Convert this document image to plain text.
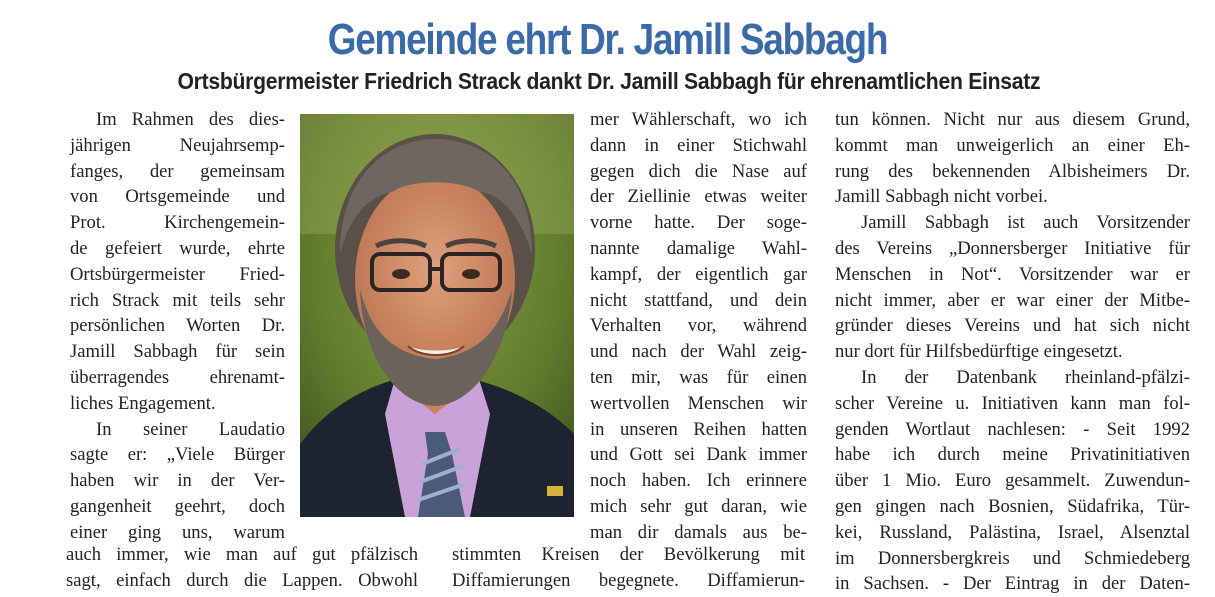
Gemeinde ehrt Dr. Jamill Sabbagh
Ortsbürgermeister Friedrich Strack dankt Dr. Jamill Sabbagh für ehrenamtlichen Einsatz
Im Rahmen des dies-
jährigen Neujahrsemp-
fanges, der gemeinsam
von Ortsgemeinde und
Prot. Kirchengemein-
de gefeiert wurde, ehrte
Ortsbürgermeister Fried-
rich Strack mit teils sehr
persönlichen Worten Dr.
Jamill Sabbagh für sein
überragendes ehrenamt-
liches Engagement.
In seiner Laudatio
sagte er: „Viele Bürger
haben wir in der Ver-
gangenheit geehrt, doch
einer ging uns, warum
mer Wählerschaft, wo ich
dann in einer Stichwahl
gegen dich die Nase auf
der Ziellinie etwas weiter
vorne hatte. Der soge-
nannte damalige Wahl-
kampf, der eigentlich gar
nicht stattfand, und dein
Verhalten vor, während
und nach der Wahl zeig-
ten mir, was für einen
wertvollen Menschen wir
in unseren Reihen hatten
und Gott sei Dank immer
noch haben. Ich erinnere
mich sehr gut daran, wie
man dir damals aus be-
tun können. Nicht nur aus diesem Grund,
kommt man unweigerlich an einer Eh-
rung des bekennenden Albisheimers Dr.
Jamill Sabbagh nicht vorbei.
Jamill Sabbagh ist auch Vorsitzender
des Vereins „Donnersberger Initiative für
Menschen in Not“. Vorsitzender war er
nicht immer, aber er war einer der Mitbe-
gründer dieses Vereins und hat sich nicht
nur dort für Hilfsbedürftige eingesetzt.
In der Datenbank rheinland-pfälzi-
scher Vereine u. Initiativen kann man fol-
genden Wortlaut nachlesen: - Seit 1992
habe ich durch meine Privatinitiativen
über 1 Mio. Euro gesammelt. Zuwendun-
gen gingen nach Bosnien, Südafrika, Tür-
kei, Russland, Palästina, Israel, Alsenztal
im Donnersbergkreis und Schmiedeberg
in Sachsen. - Der Eintrag in der Daten-
auch immer, wie man auf gut pfälzisch
sagt, einfach durch die Lappen. Obwohl
stimmten Kreisen der Bevölkerung mit
Diffamierungen begegnete. Diffamierun-
